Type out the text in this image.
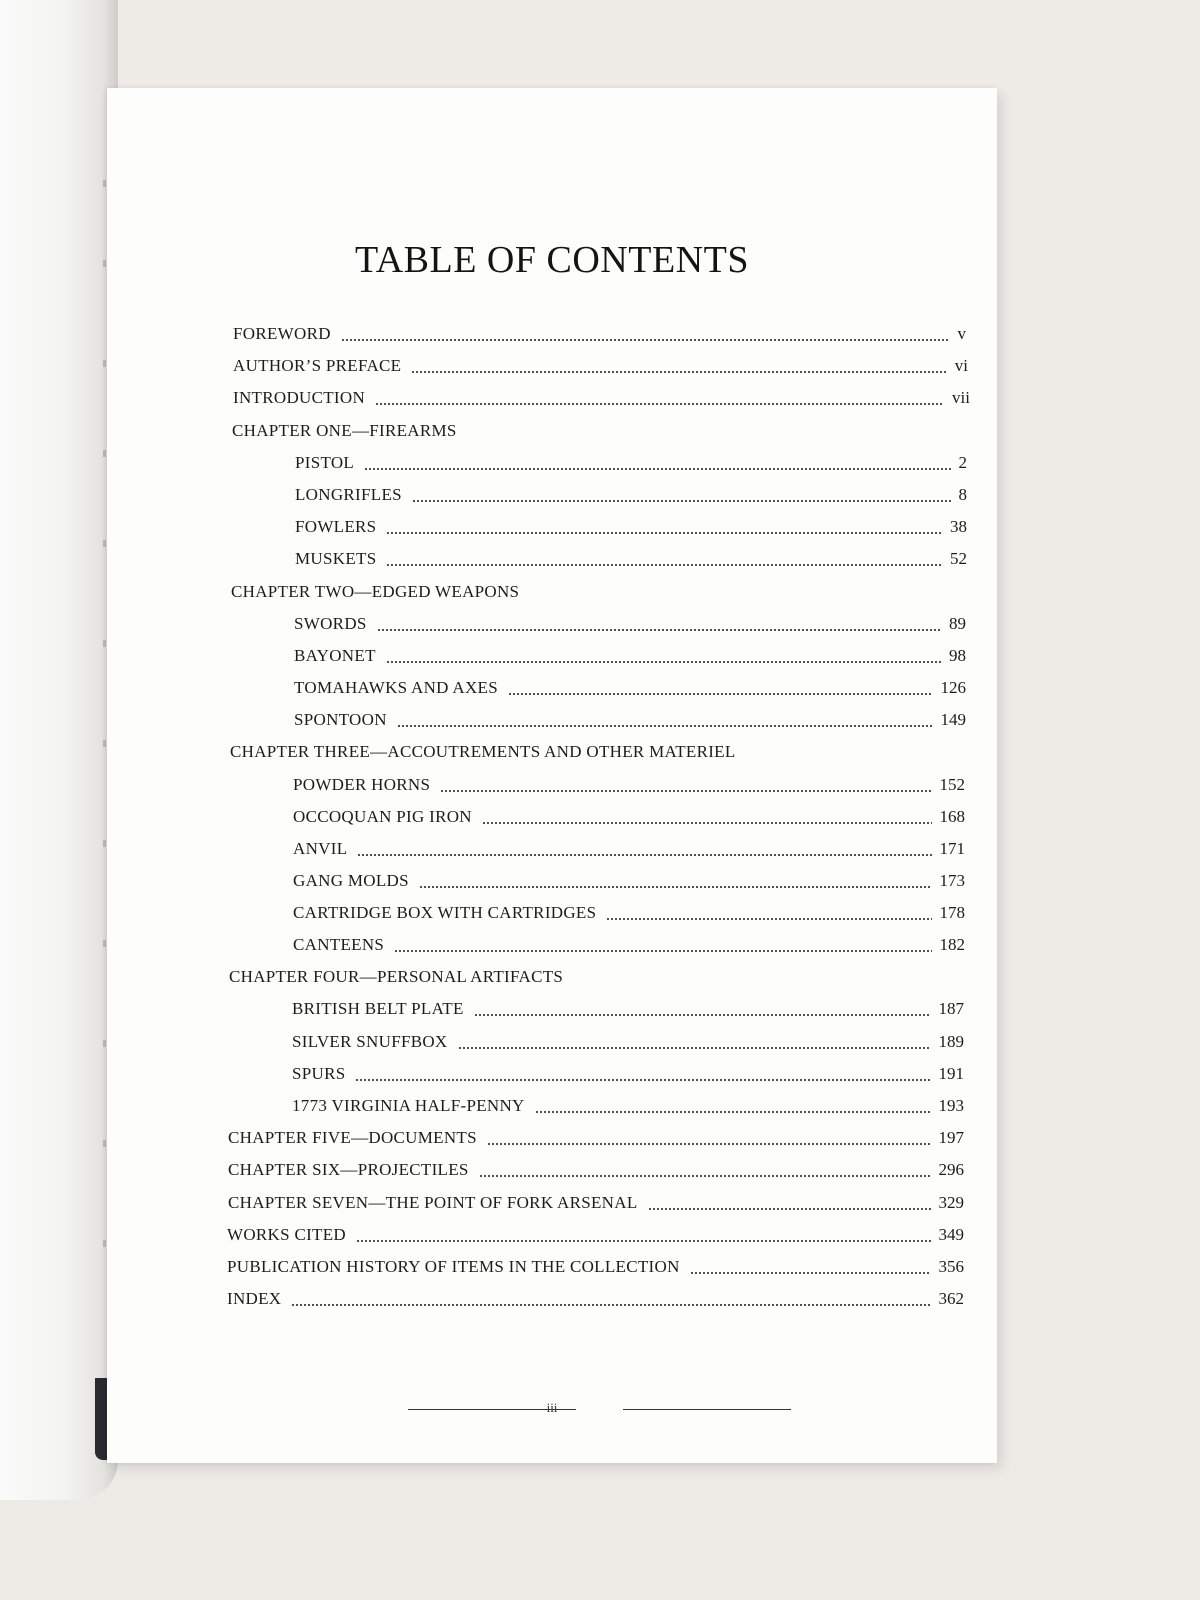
TABLE OF CONTENTS
FOREWORD	v
AUTHOR’S PREFACE	vi
INTRODUCTION	vii
CHAPTER ONE—FIREARMS
PISTOL	2
LONGRIFLES	8
FOWLERS	38
MUSKETS	52
CHAPTER TWO—EDGED WEAPONS
SWORDS	89
BAYONET	98
TOMAHAWKS AND AXES	126
SPONTOON	149
CHAPTER THREE—ACCOUTREMENTS AND OTHER MATERIEL
POWDER HORNS	152
OCCOQUAN PIG IRON	168
ANVIL	171
GANG MOLDS	173
CARTRIDGE BOX WITH CARTRIDGES	178
CANTEENS	182
CHAPTER FOUR—PERSONAL ARTIFACTS
BRITISH BELT PLATE	187
SILVER SNUFFBOX	189
SPURS	191
1773 VIRGINIA HALF-PENNY	193
CHAPTER FIVE—DOCUMENTS	197
CHAPTER SIX—PROJECTILES	296
CHAPTER SEVEN—THE POINT OF FORK ARSENAL	329
WORKS CITED	349
PUBLICATION HISTORY OF ITEMS IN THE COLLECTION	356
INDEX	362
iii
